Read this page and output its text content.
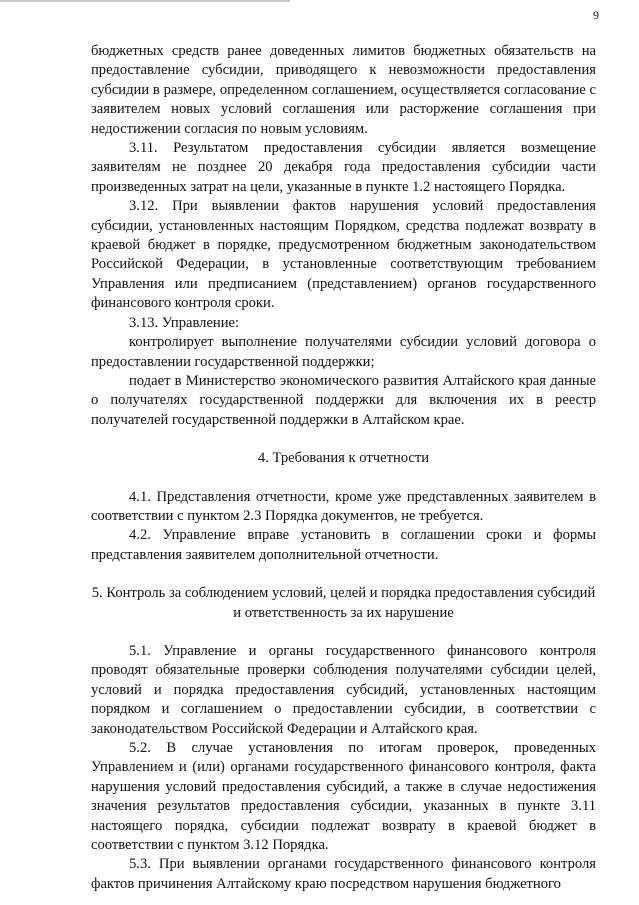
9

бюджетных средств ранее доведенных лимитов бюджетных обязательств на предоставление субсидии, приводящего к невозможности предоставления субсидии в размере, определенном соглашением, осуществляется согласование с заявителем новых условий соглашения или расторжение соглашения при недостижении согласия по новым условиям.

3.11. Результатом предоставления субсидии является возмещение заявителям не позднее 20 декабря года предоставления субсидии части произведенных затрат на цели, указанные в пункте 1.2 настоящего Порядка.

3.12. При выявлении фактов нарушения условий предоставления субсидии, установленных настоящим Порядком, средства подлежат возврату в краевой бюджет в порядке, предусмотренном бюджетным законодательством Российской Федерации, в установленные соответствующим требованием Управления или предписанием (представлением) органов государственного финансового контроля сроки.

3.13. Управление:

контролирует выполнение получателями субсидии условий договора о предоставлении государственной поддержки;

подает в Министерство экономического развития Алтайского края данные о получателях государственной поддержки для включения их в реестр получателей государственной поддержки в Алтайском крае.

4. Требования к отчетности

4.1. Представления отчетности, кроме уже представленных заявителем в соответствии с пунктом 2.3 Порядка документов, не требуется.

4.2. Управление вправе установить в соглашении сроки и формы представления заявителем дополнительной отчетности.

5. Контроль за соблюдением условий, целей и порядка предоставления субсидий и ответственность за их нарушение

5.1. Управление и органы государственного финансового контроля проводят обязательные проверки соблюдения получателями субсидии целей, условий и порядка предоставления субсидий, установленных настоящим порядком и соглашением о предоставлении субсидии, в соответствии с законодательством Российской Федерации и Алтайского края.

5.2. В случае установления по итогам проверок, проведенных Управлением и (или) органами государственного финансового контроля, факта нарушения условий предоставления субсидий, а также в случае недостижения значения результатов предоставления субсидии, указанных в пункте 3.11 настоящего порядка, субсидии подлежат возврату в краевой бюджет в соответствии с пунктом 3.12 Порядка.

5.3. При выявлении органами государственного финансового контроля фактов причинения Алтайскому краю посредством нарушения бюджетного
